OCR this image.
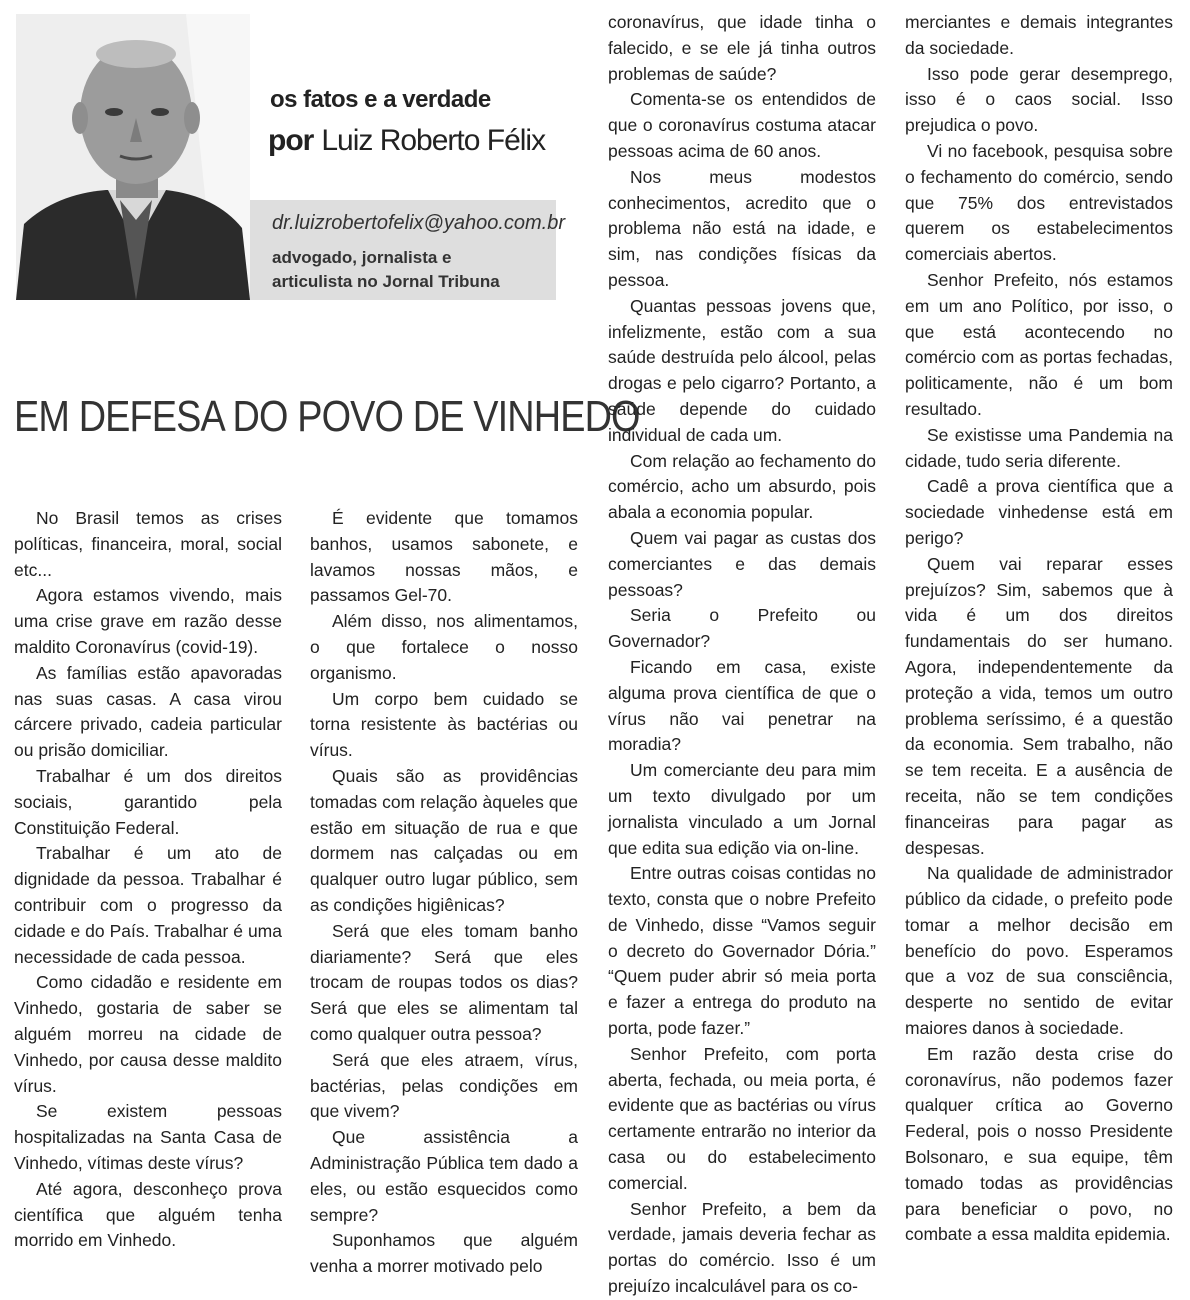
os fatos e a verdade
por Luiz Roberto Félix
dr.luizrobertofelix@yahoo.com.br
advogado, jornalista e
articulista no Jornal Tribuna
EM DEFESA DO POVO DE VINHEDO

No Brasil temos as crises políticas, financeira, moral, social etc...

Agora estamos vivendo, mais uma crise grave em razão desse maldito Coronavírus (covid-19).

As famílias estão apavoradas nas suas casas. A casa virou cárcere privado, cadeia particular ou prisão domiciliar.

Trabalhar é um dos direitos sociais, garantido pela Constituição Federal.

Trabalhar é um ato de dignidade da pessoa. Trabalhar é contribuir com o progresso da cidade e do País. Trabalhar é uma necessidade de cada pessoa.

Como cidadão e residente em Vinhedo, gostaria de saber se alguém morreu na cidade de Vinhedo, por causa desse maldito vírus.

Se existem pessoas hospitalizadas na Santa Casa de Vinhedo, vítimas deste vírus?

Até agora, desconheço prova científica que alguém tenha morrido em Vinhedo.

É evidente que tomamos banhos, usamos sabonete, e lavamos nossas mãos, e passamos Gel-70.

Além disso, nos alimentamos, o que fortalece o nosso organismo.

Um corpo bem cuidado se torna resistente às bactérias ou vírus.

Quais são as providências tomadas com relação àqueles que estão em situação de rua e que dormem nas calçadas ou em qualquer outro lugar público, sem as condições higiênicas?

Será que eles tomam banho diariamente? Será que eles trocam de roupas todos os dias? Será que eles se alimentam tal como qualquer outra pessoa?

Será que eles atraem, vírus, bactérias, pelas condições em que vivem?

Que assistência a Administração Pública tem dado a eles, ou estão esquecidos como sempre?

Suponhamos que alguém venha a morrer motivado pelo

coronavírus, que idade tinha o falecido, e se ele já tinha outros problemas de saúde?

Comenta-se os entendidos de que o coronavírus costuma atacar pessoas acima de 60 anos.

Nos meus modestos conhecimentos, acredito que o problema não está na idade, e sim, nas condições físicas da pessoa.

Quantas pessoas jovens que, infelizmente, estão com a sua saúde destruída pelo álcool, pelas drogas e pelo cigarro? Portanto, a saúde depende do cuidado individual de cada um.

Com relação ao fechamento do comércio, acho um absurdo, pois abala a economia popular.

Quem vai pagar as custas dos comerciantes e das demais pessoas?

Seria o Prefeito ou Governador?

Ficando em casa, existe alguma prova científica de que o vírus não vai penetrar na moradia?

Um comerciante deu para mim um texto divulgado por um jornalista vinculado a um Jornal que edita sua edição via on-line.

Entre outras coisas contidas no texto, consta que o nobre Prefeito de Vinhedo, disse “Vamos seguir o decreto do Governador Dória.” “Quem puder abrir só meia porta e fazer a entrega do produto na porta, pode fazer.”

Senhor Prefeito, com porta aberta, fechada, ou meia porta, é evidente que as bactérias ou vírus certamente entrarão no interior da casa ou do estabelecimento comercial.

Senhor Prefeito, a bem da verdade, jamais deveria fechar as portas do comércio. Isso é um prejuízo incalculável para os co-

merciantes e demais integrantes da sociedade.

Isso pode gerar desemprego, isso é o caos social. Isso prejudica o povo.

Vi no facebook, pesquisa sobre o fechamento do comércio, sendo que 75% dos entrevistados querem os estabelecimentos comerciais abertos.

Senhor Prefeito, nós estamos em um ano Político, por isso, o que está acontecendo no comércio com as portas fechadas, politicamente, não é um bom resultado.

Se existisse uma Pandemia na cidade, tudo seria diferente.

Cadê a prova científica que a sociedade vinhedense está em perigo?

Quem vai reparar esses prejuízos? Sim, sabemos que à vida é um dos direitos fundamentais do ser humano. Agora, independentemente da proteção a vida, temos um outro problema seríssimo, é a questão da economia. Sem trabalho, não se tem receita. E a ausência de receita, não se tem condições financeiras para pagar as despesas.

Na qualidade de administrador público da cidade, o prefeito pode tomar a melhor decisão em benefício do povo. Esperamos que a voz de sua consciência, desperte no sentido de evitar maiores danos à sociedade.

Em razão desta crise do coronavírus, não podemos fazer qualquer crítica ao Governo Federal, pois o nosso Presidente Bolsonaro, e sua equipe, têm tomado todas as providências para beneficiar o povo, no combate a essa maldita epidemia.
